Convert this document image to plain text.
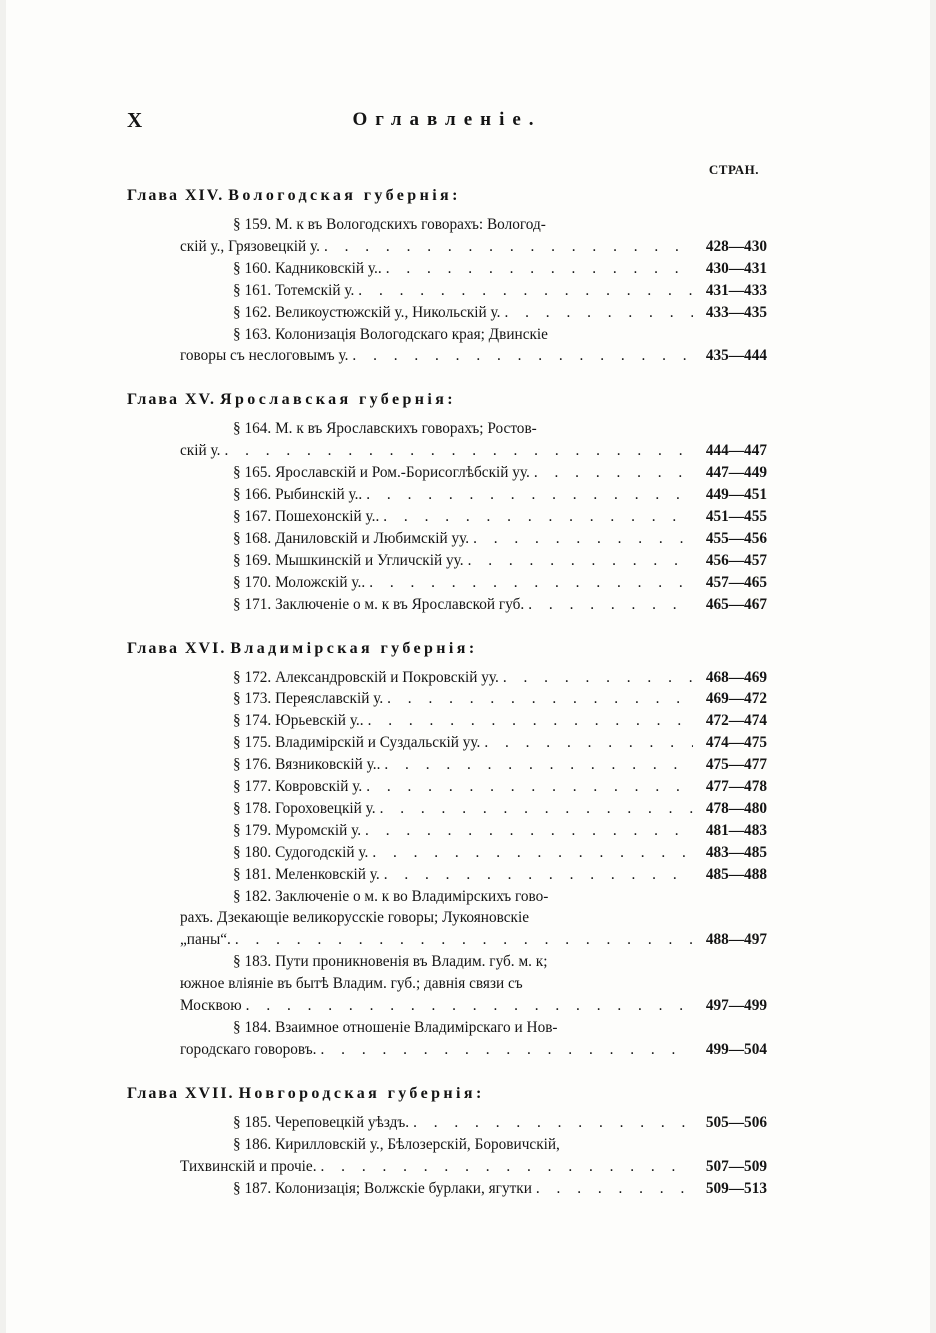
X	Оглавленіе.
СТРАН.
Глава XIV. Вологодская губернія:
§ 159. М. к въ Вологодскихъ говорахъ: Вологод-
скій у., Грязовецкій у. . . .	428—430
§ 160. Кадниковскій у.. . . .	430—431
§ 161. Тотемскій у. . . .	431—433
§ 162. Великоустюжскій у., Никольскій у. . . .	433—435
§ 163. Колонизація Вологодскаго края; Двинскіе
говоры съ неслоговымъ у. . . .	435—444
Глава XV. Ярославская губернія:
§ 164. М. к въ Ярославскихъ говорахъ; Ростов-
скій у. . . .	444—447
§ 165. Ярославскій и Ром.-Борисоглѣбскій уу. . . .	447—449
§ 166. Рыбинскій у.. . . .	449—451
§ 167. Пошехонскій у.. . . .	451—455
§ 168. Даниловскій и Любимскій уу. . . .	455—456
§ 169. Мышкинскій и Угличскій уу. . . .	456—457
§ 170. Моложскій у.. . . .	457—465
§ 171. Заключеніе о м. к въ Ярославской губ. . . .	465—467
Глава XVI. Владимірская губернія:
§ 172. Александровскій и Покровскій уу. . . .	468—469
§ 173. Переяславскій у. . . .	469—472
§ 174. Юрьевскій у.. . . .	472—474
§ 175. Владимірскій и Суздальскій уу. . . .	474—475
§ 176. Вязниковскій у.. . . .	475—477
§ 177. Ковровскій у. . . .	477—478
§ 178. Гороховецкій у. . . .	478—480
§ 179. Муромскій у. . . .	481—483
§ 180. Судогодскій у. . . .	483—485
§ 181. Меленковскій у. . . .	485—488
§ 182. Заключеніе о м. к во Владимірскихъ гово-
рахъ. Дзекающіе великорусскіе говоры; Лукояновскіе
„паны“. . . .	488—497
§ 183. Пути проникновенія въ Владим. губ. м. к;
южное вліяніе въ бытѣ Владим. губ.; давнія связи съ
Москвою . . .	497—499
§ 184. Взаимное отношеніе Владимірскаго и Нов-
городскаго говоровъ. . . .	499—504
Глава XVII. Новгородская губернія:
§ 185. Череповецкій уѣздъ. . . .	505—506
§ 186. Кирилловскій у., Бѣлозерскій, Боровичскій,
Тихвинскій и прочіе. . . .	507—509
§ 187. Колонизація; Волжскіе бурлаки, ягутки . . .	509—513
